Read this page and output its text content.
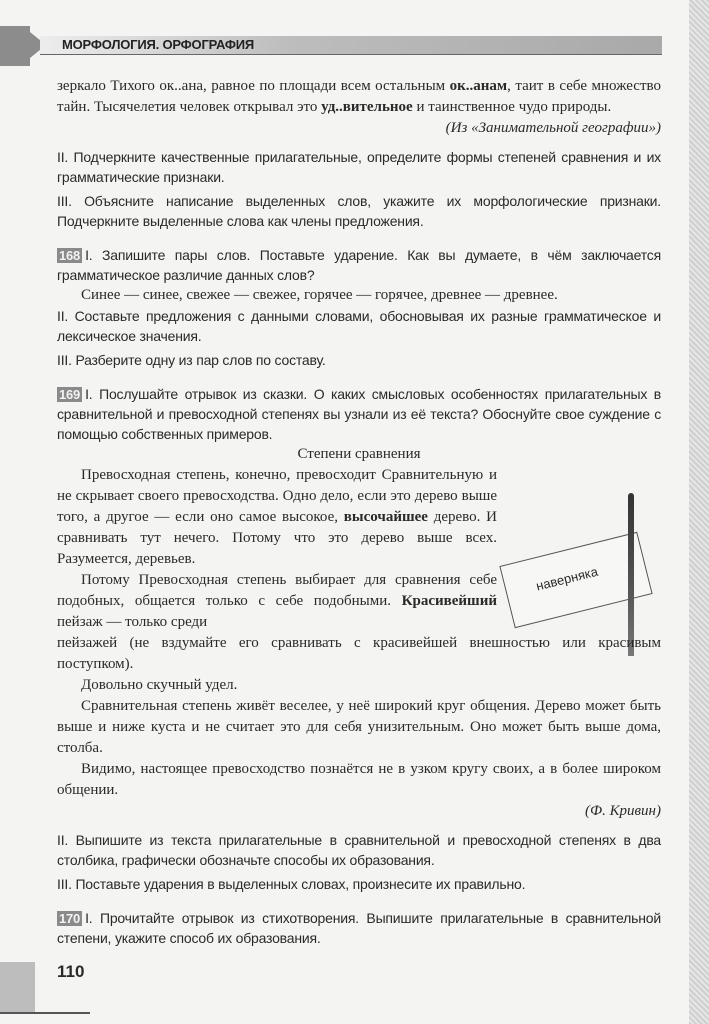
МОРФОЛОГИЯ. ОРФОГРАФИЯ
наверняка
зеркало Тихого ок..ана, равное по площади всем остальным ок..анам, таит в себе множество тайн. Тысячелетия человек открывал это уд..вительное и таинственное чудо природы.
(Из «Занимательной географии»)
II. Подчеркните качественные прилагательные, определите формы степеней сравнения и их грамматические признаки.
III. Объясните написание выделенных слов, укажите их морфологические признаки. Подчеркните выделенные слова как члены предложения.
168 I. Запишите пары слов. Поставьте ударение. Как вы думаете, в чём заключается грамматическое различие данных слов?
Синее — синее, свежее — свежее, горячее — горячее, древнее — древнее.
II. Составьте предложения с данными словами, обосновывая их разные грамматическое и лексическое значения.
III. Разберите одну из пар слов по составу.
169 I. Послушайте отрывок из сказки. О каких смысловых особенностях прилагательных в сравнительной и превосходной степенях вы узнали из её текста? Обоснуйте свое суждение с помощью собственных примеров.
Степени сравнения
Превосходная степень, конечно, превосходит Сравнительную и не скрывает своего превосходства. Одно дело, если это дерево выше того, а другое — если оно самое высокое, высочайшее дерево. И сравнивать тут нечего. Потому что это дерево выше всех. Разумеется, деревьев.
Потому Превосходная степень выбирает для сравнения себе подобных, общается только с себе подобными. Красивейший пейзаж — только среди
пейзажей (не вздумайте его сравнивать с красивейшей внешностью или красивым поступком).
Довольно скучный удел.
Сравнительная степень живёт веселее, у неё широкий круг общения. Дерево может быть выше и ниже куста и не считает это для себя унизительным. Оно может быть выше дома, столба.
Видимо, настоящее превосходство познаётся не в узком кругу своих, а в более широком общении.
(Ф. Кривин)
II. Выпишите из текста прилагательные в сравнительной и превосходной степенях в два столбика, графически обозначьте способы их образования.
III. Поставьте ударения в выделенных словах, произнесите их правильно.
170 I. Прочитайте отрывок из стихотворения. Выпишите прилагательные в сравнительной степени, укажите способ их образования.
110
